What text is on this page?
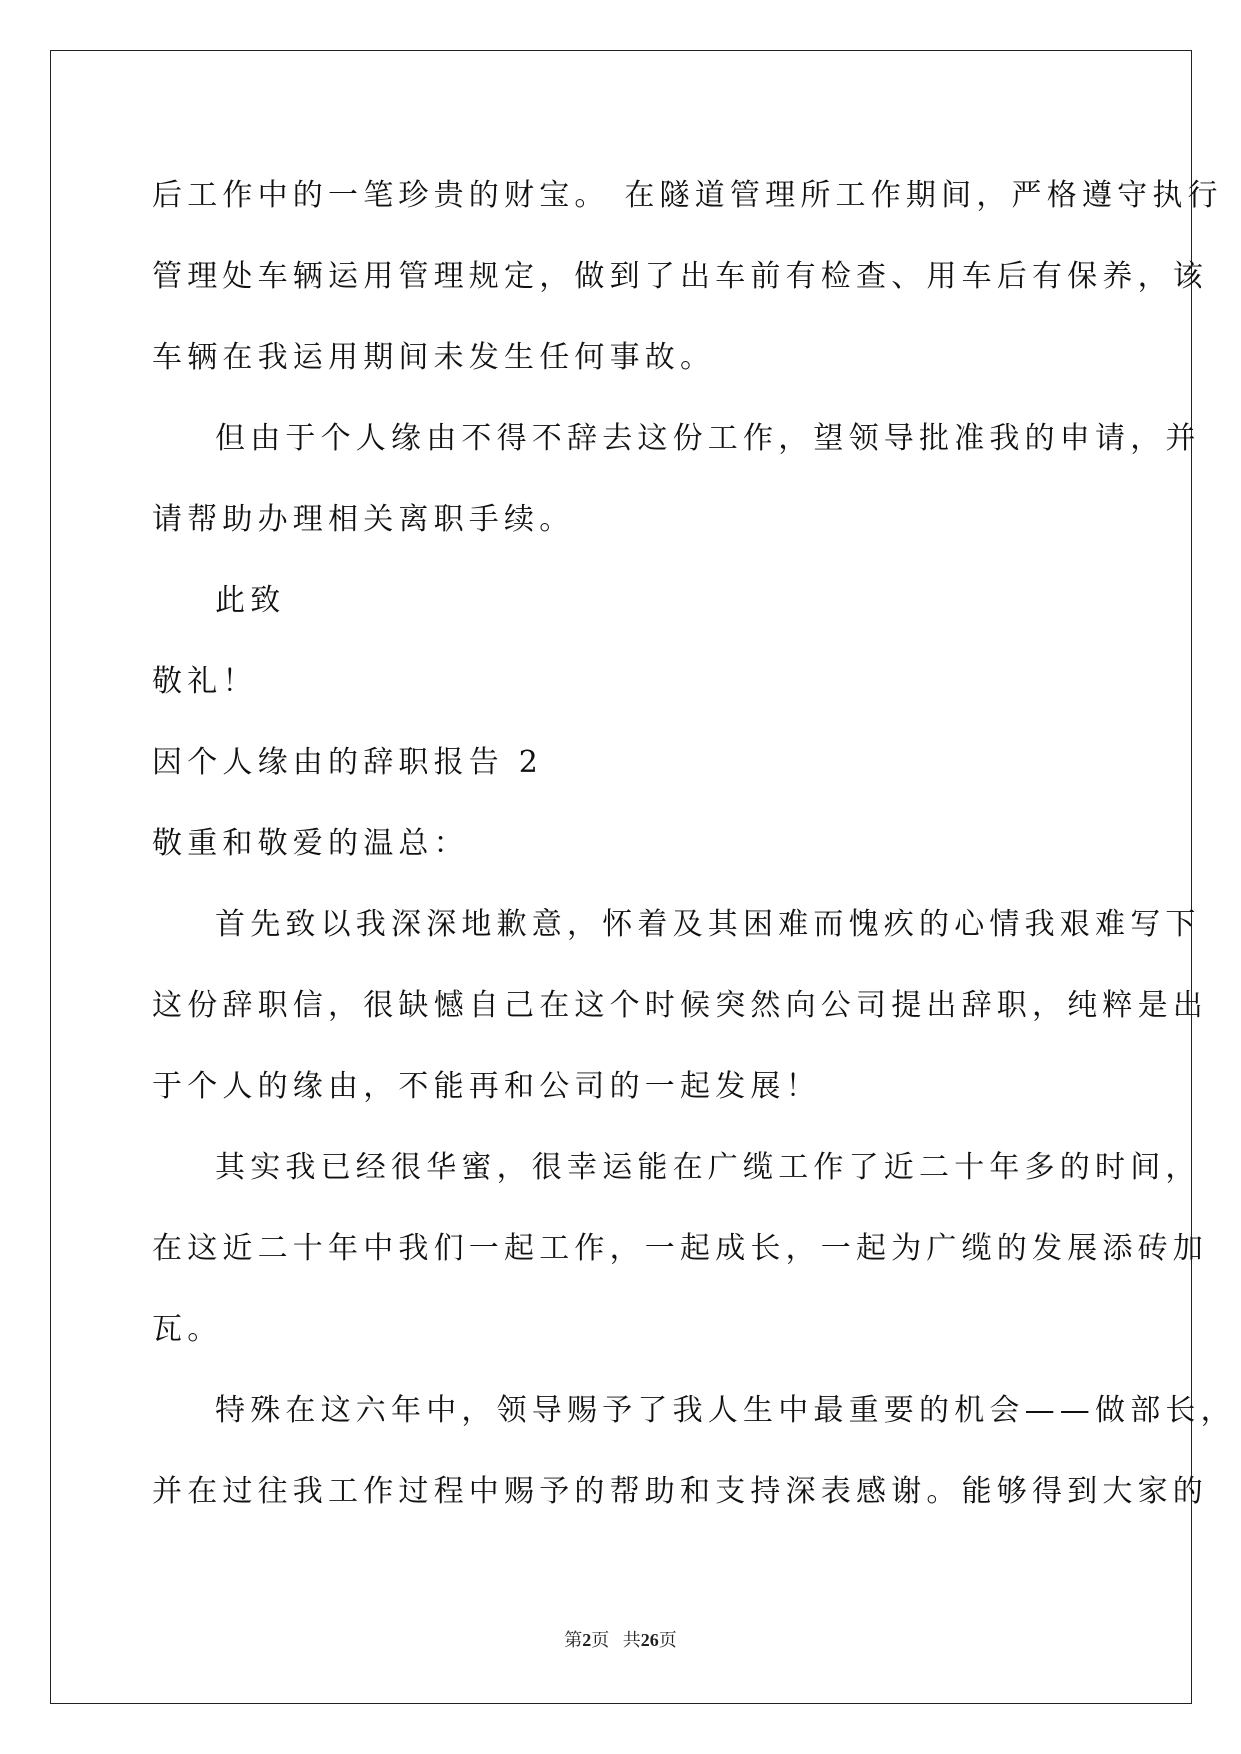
后工作中的一笔珍贵的财宝。 在隧道管理所工作期间，严格遵守执行
管理处车辆运用管理规定，做到了出车前有检查、用车后有保养，该
车辆在我运用期间未发生任何事故。
但由于个人缘由不得不辞去这份工作，望领导批准我的申请，并
请帮助办理相关离职手续。
此致
敬礼！
因个人缘由的辞职报告 2
敬重和敬爱的温总：
首先致以我深深地歉意，怀着及其困难而愧疚的心情我艰难写下
这份辞职信，很缺憾自己在这个时候突然向公司提出辞职，纯粹是出
于个人的缘由，不能再和公司的一起发展！
其实我已经很华蜜，很幸运能在广缆工作了近二十年多的时间，
在这近二十年中我们一起工作，一起成长，一起为广缆的发展添砖加
瓦。
特殊在这六年中，领导赐予了我人生中最重要的机会——做部长，
并在过往我工作过程中赐予的帮助和支持深表感谢。能够得到大家的
第2页 共26页
